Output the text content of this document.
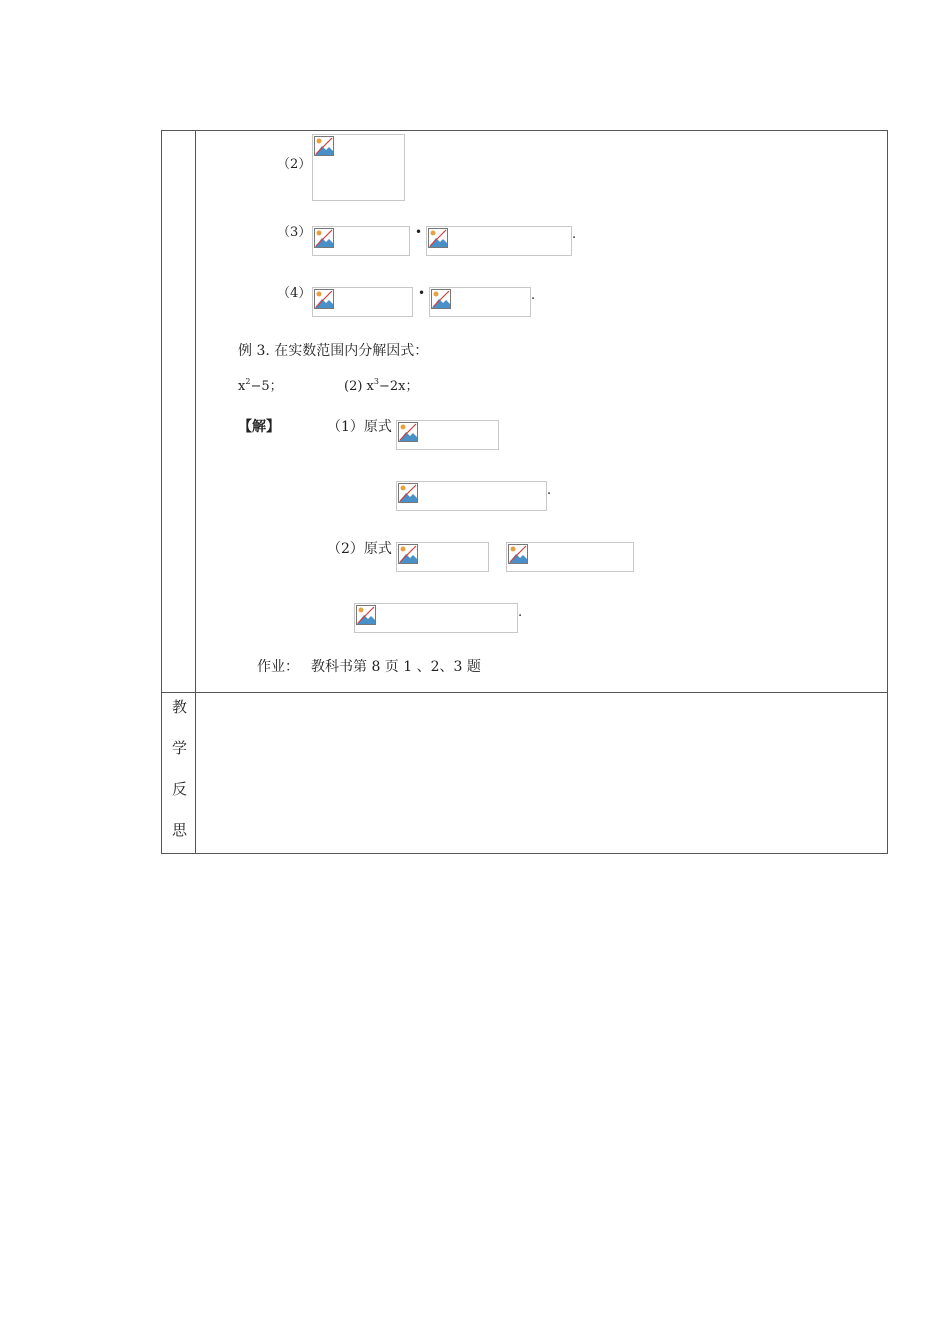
（2）
（3）	•	.
（4）	•	.
例 3. 在实数范围内分解因式：
$x^2-5$；	(2) $x^3-2x$；
【解】	（1）原式
.
（2）原式
.
作业： 教科书第 8 页 1 、2、3 题
教
学
反
思
